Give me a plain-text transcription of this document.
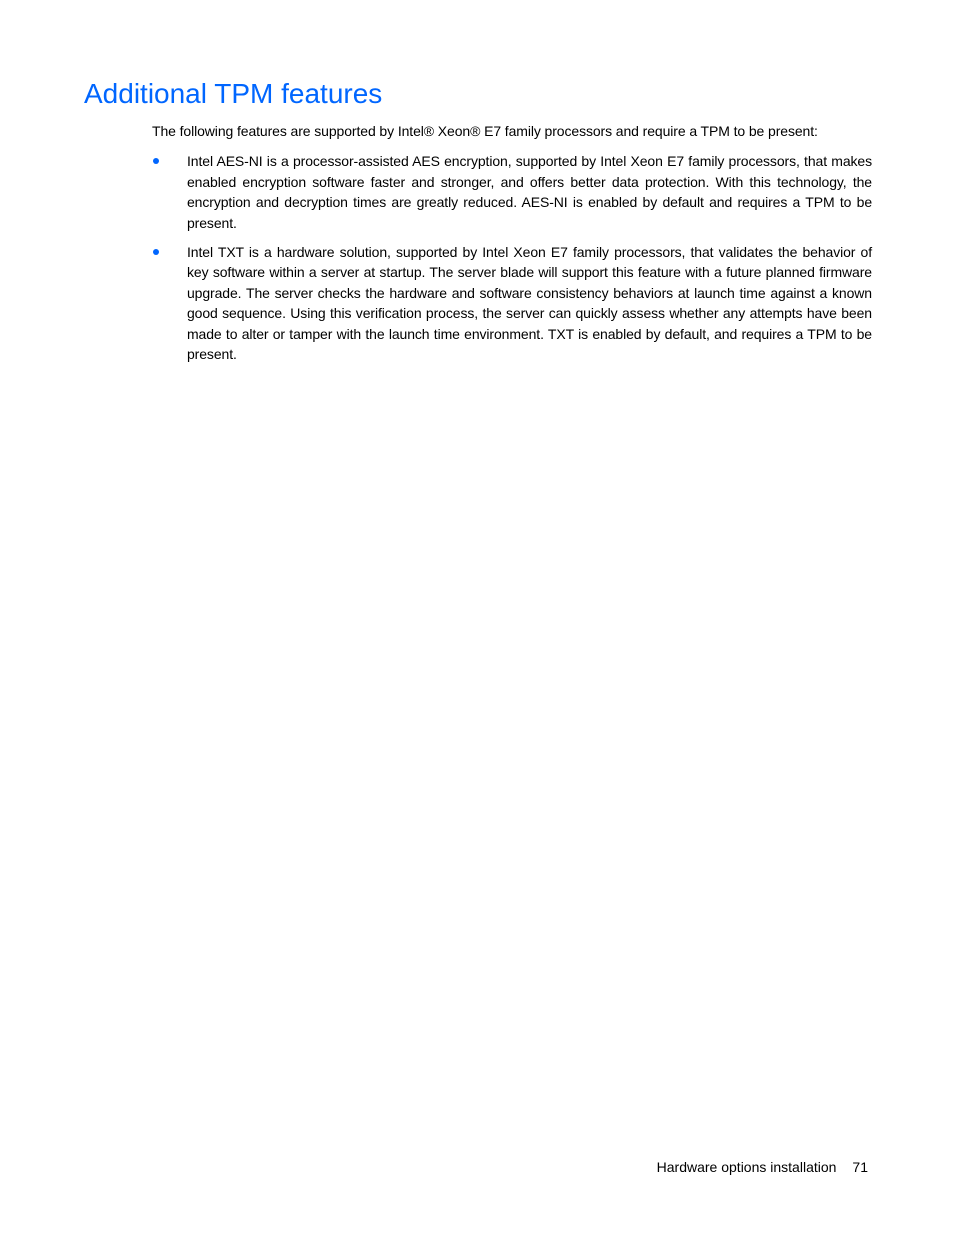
Additional TPM features

The following features are supported by Intel® Xeon® E7 family processors and require a TPM to be present:

Intel AES-NI is a processor-assisted AES encryption, supported by Intel Xeon E7 family processors, that makes enabled encryption software faster and stronger, and offers better data protection. With this technology, the encryption and decryption times are greatly reduced. AES-NI is enabled by default and requires a TPM to be present.
Intel TXT is a hardware solution, supported by Intel Xeon E7 family processors, that validates the behavior of key software within a server at startup. The server blade will support this feature with a future planned firmware upgrade. The server checks the hardware and software consistency behaviors at launch time against a known good sequence. Using this verification process, the server can quickly assess whether any attempts have been made to alter or tamper with the launch time environment. TXT is enabled by default, and requires a TPM to be present.
Hardware options installation 71
